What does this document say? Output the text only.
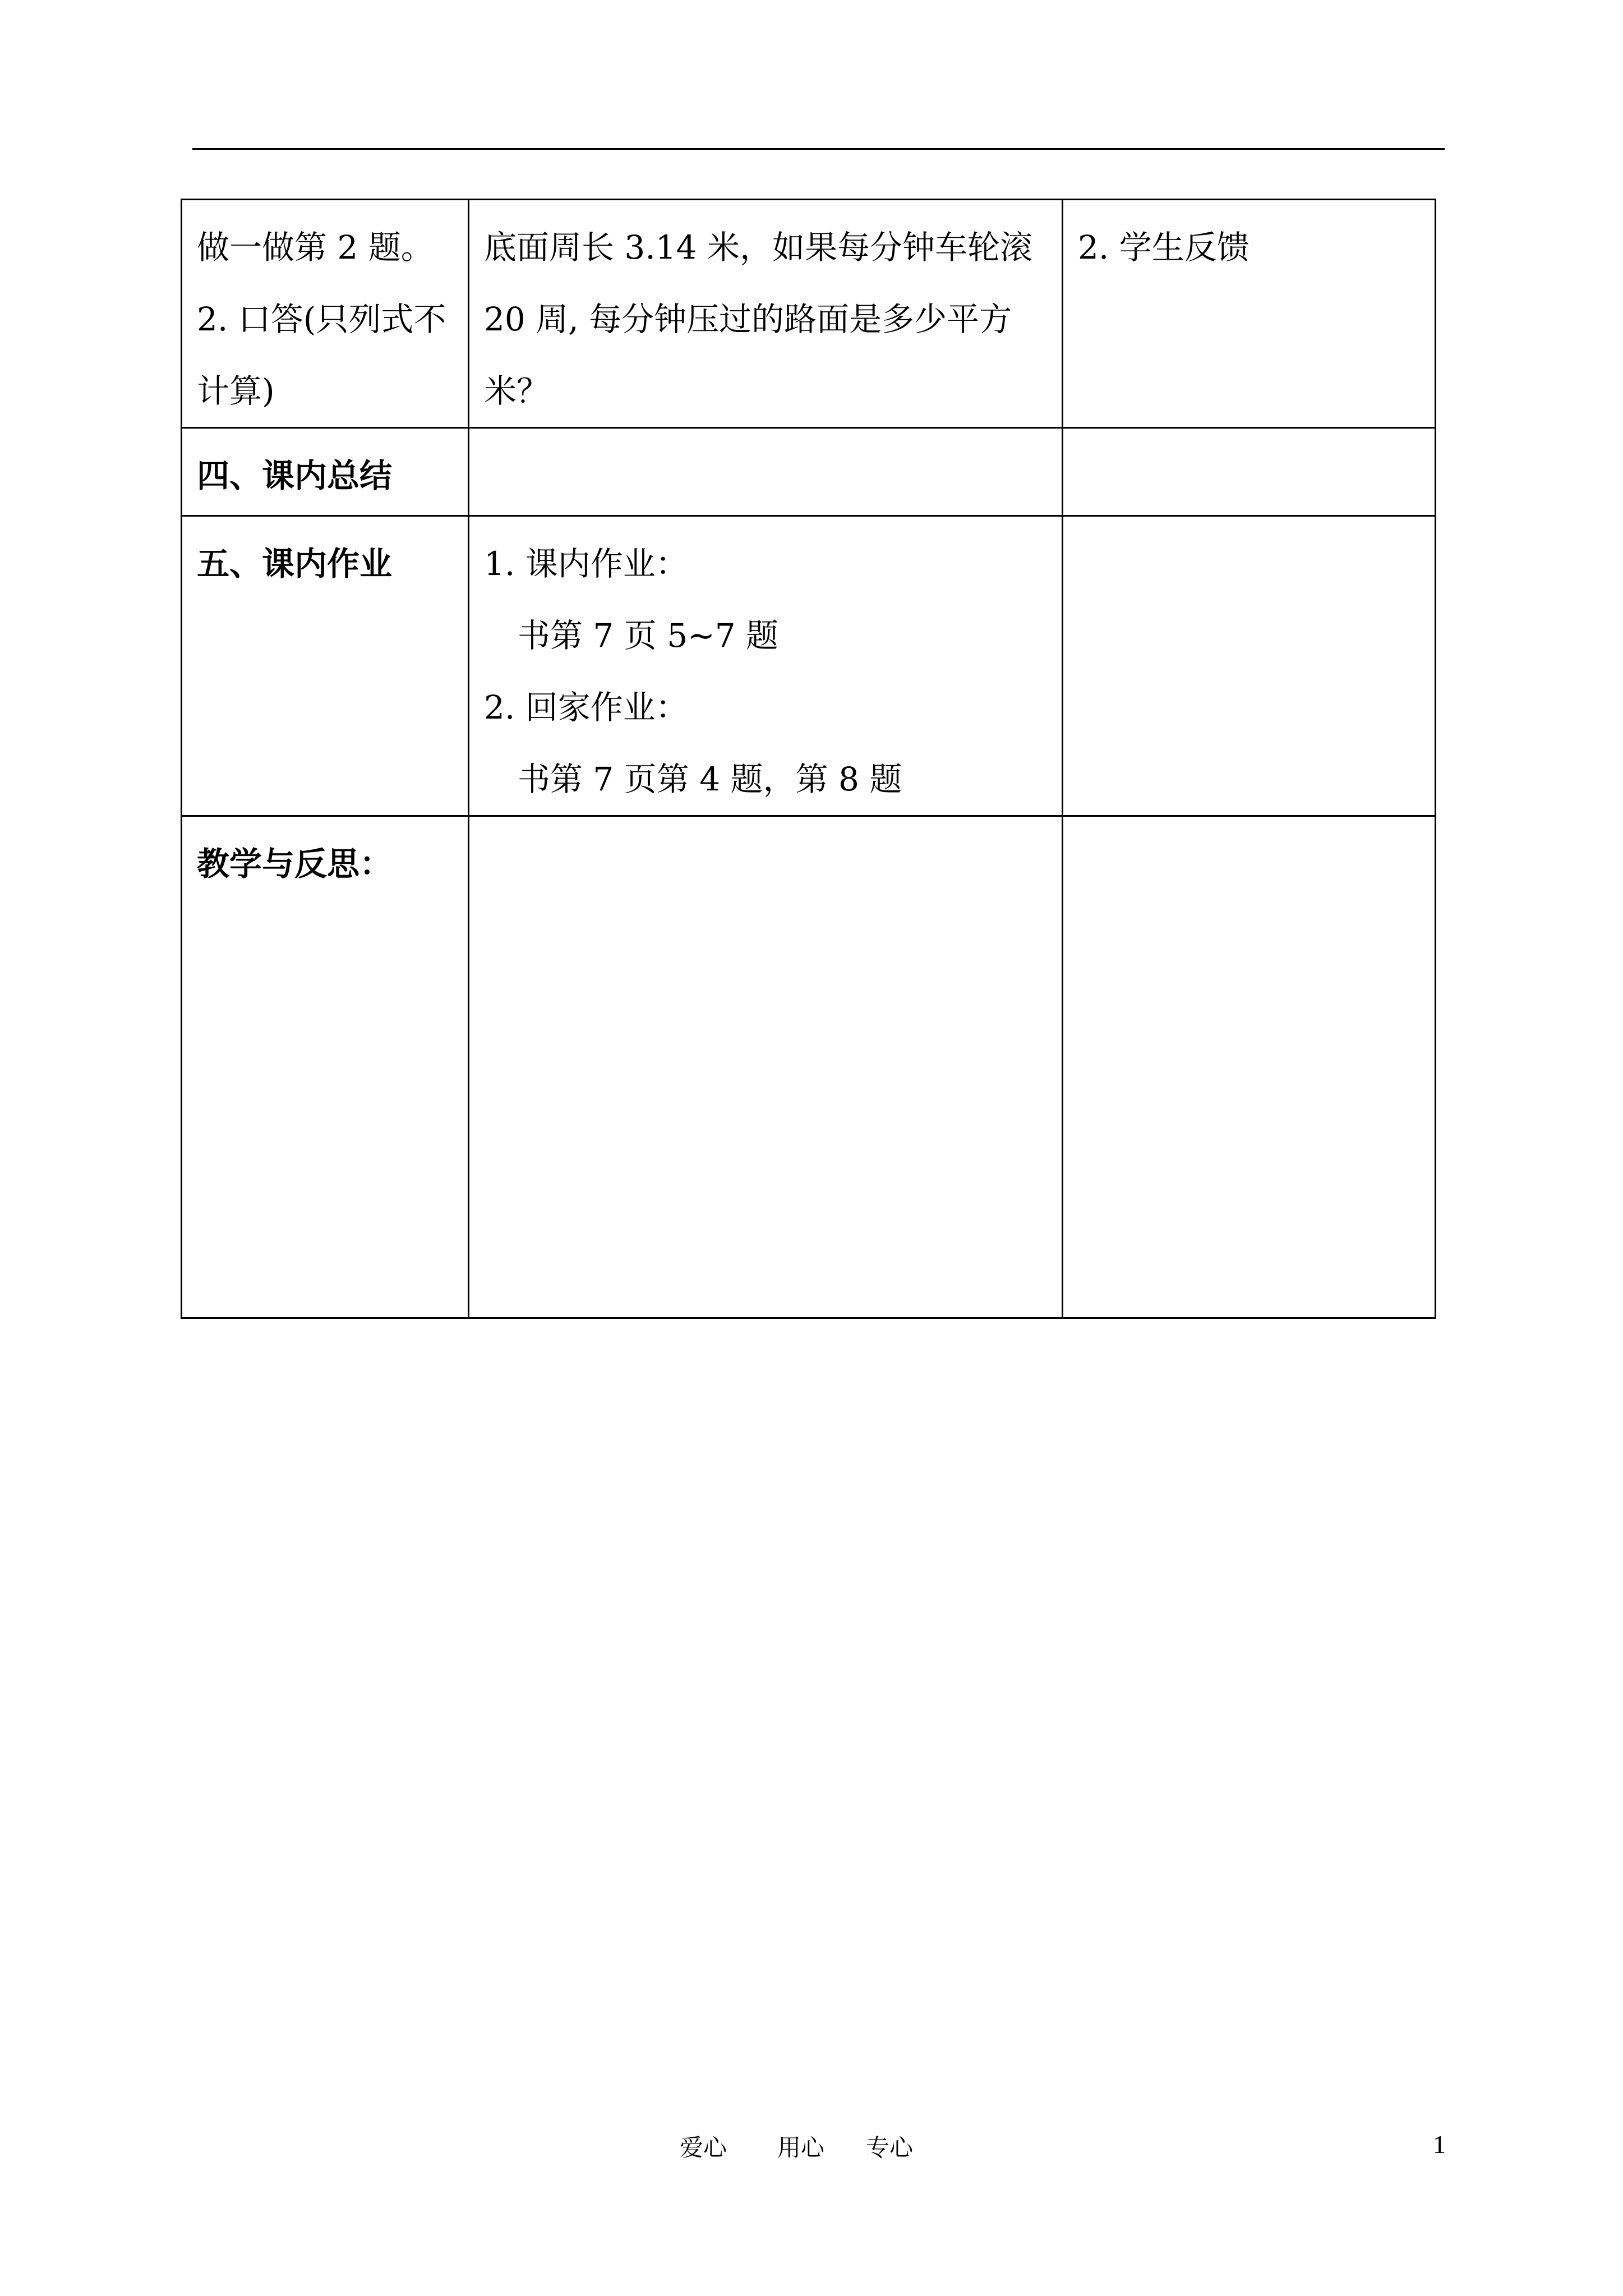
做一做第 2 题。
2. 口答(只列式不
计算)	底面周长 3.14 米，如果每分钟车轮滚
20 周, 每分钟压过的路面是多少平方
米？	2. 学生反馈

四、课内总结		
五、课内作业	1. 课内作业：
书第 7 页 5~7 题
2. 回家作业：
书第 7 页第 4 题，第 8 题	

教学与反思：		
爱心 用心 专心	1
